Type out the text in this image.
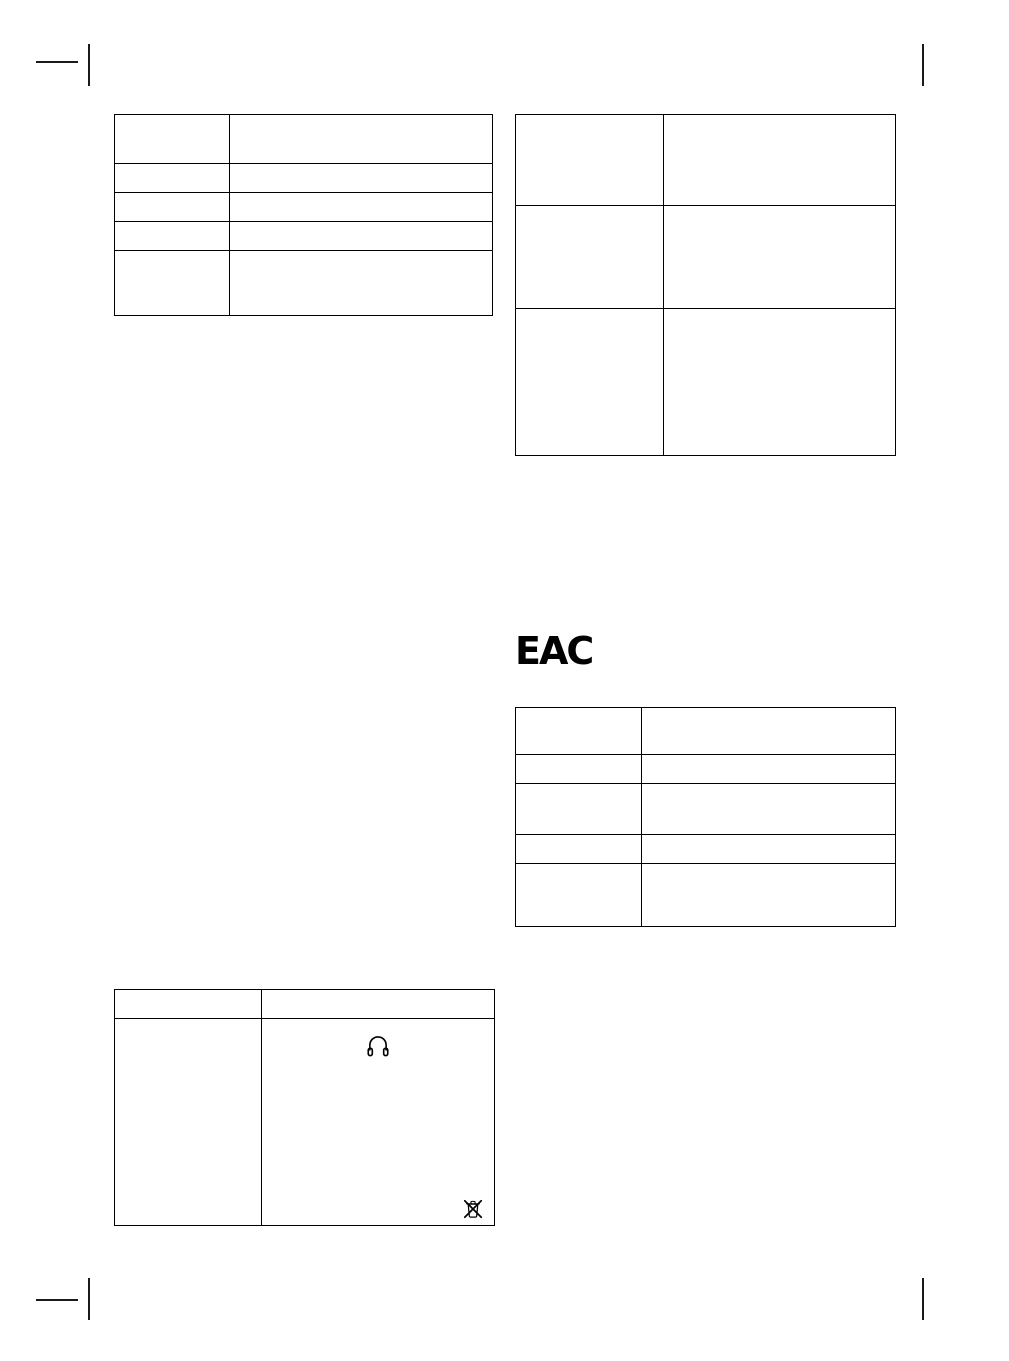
EAC
